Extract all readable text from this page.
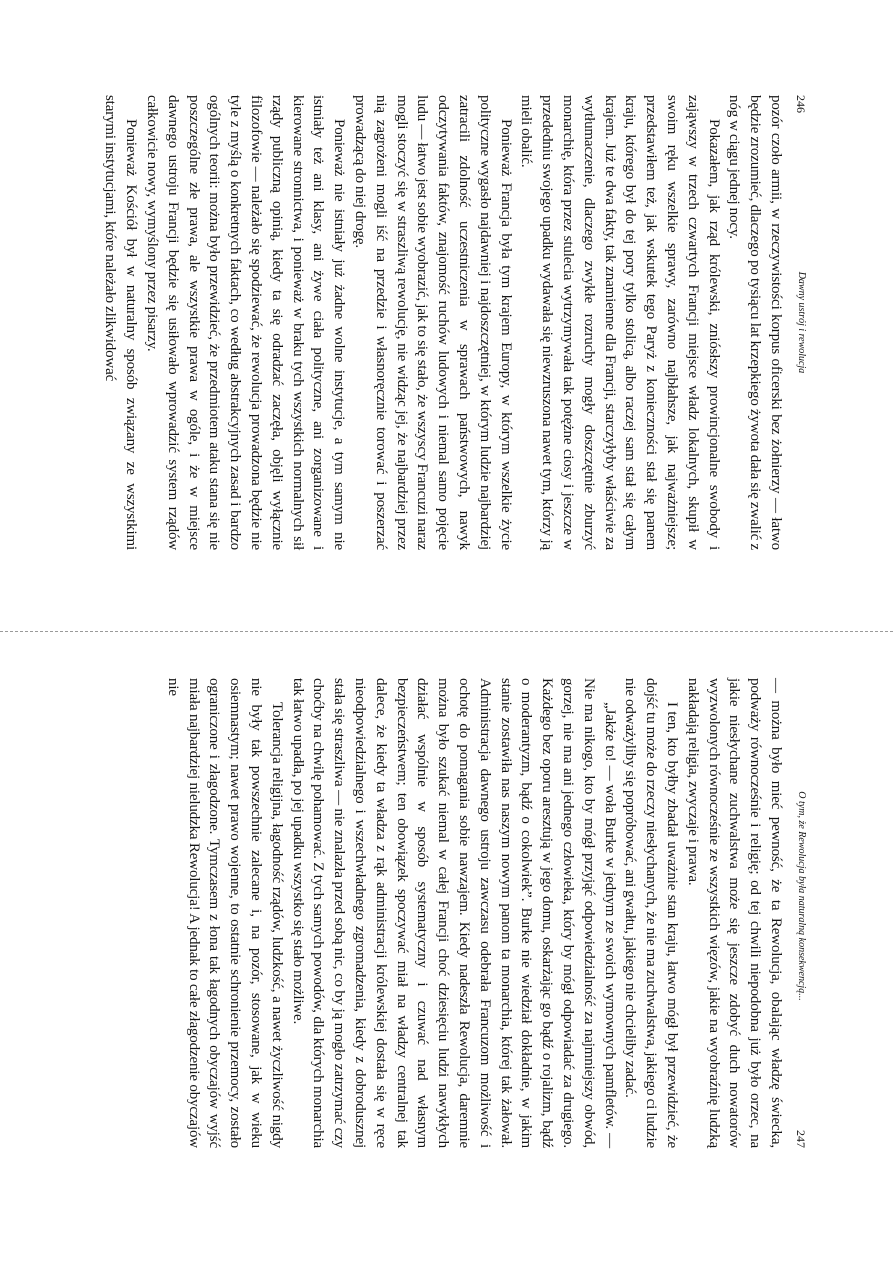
246
Dawny ustrój i rewolucja

pozór czoło armii, w rzeczywistości korpus oficerski bez żołnierzy — łatwo będzie zrozumieć, dlaczego po tysiącu lat krzepkiego żywota dała się zwalić z nóg w ciągu jednej nocy.

Pokazałem, jak rząd królewski, zniósłszy prowincjonalne swobody i zająwszy w trzech czwartych Francji miejsce władz lokalnych, skupił w swoim ręku wszelkie sprawy, zarówno najbłahsze, jak najważniejsze; przedstawiłem też, jak wskutek tego Paryż z konieczności stał się panem kraju, którego był do tej pory tylko stolicą, albo raczej sam stał się całym krajem. Już te dwa fakty, tak znamienne dla Francji, starczyłyby właściwie za wytłumaczenie, dlaczego zwykłe rozruchy mogły doszczętnie zburzyć monarchię, która przez stulecia wytrzymywała tak potężne ciosy i jeszcze w przededniu swojego upadku wydawała się niewzruszona nawet tym, którzy ją mieli obalić.

Ponieważ Francja była tym krajem Europy, w którym wszelkie życie polityczne wygasło najdawniej i najdoszczętniej, w którym ludzie najbardziej zatracili zdolność uczestniczenia w sprawach państwowych, nawyk odczytywania faktów, znajomość ruchów ludowych i niemal samo pojęcie ludu — łatwo jest sobie wyobrazić, jak to się stało, że wszyscy Francuzi naraz mogli stoczyć się w straszliwą rewolucję, nie widząc jej, że najbardziej przez nią zagrożeni mogli iść na przedzie i własnoręcznie torować i poszerzać prowadzącą do niej drogę.

Ponieważ nie istniały już żadne wolne instytucje, a tym samym nie istniały też ani klasy, ani żywe ciała polityczne, ani zorganizowane i kierowane stronnictwa, i ponieważ w braku tych wszystkich normalnych sił rządy publiczną opinią, kiedy ta się odradzać zaczęła, objęli wyłącznie filozofowie — należało się spodziewać, że rewolucja prowadzona będzie nie tyle z myślą o konkretnych faktach, co według abstrakcyjnych zasad i bardzo ogólnych teorii: można było przewidzieć, że przedmiotem ataku stana się nie poszczególne złe prawa, ale wszystkie prawa w ogóle, i że w miejsce dawnego ustroju Francji będzie się usiłowało wprowadzić system rządów całkowicie nowy, wymyślony przez pisarzy.

Ponieważ Kościół był w naturalny sposób związany ze wszystkimi starymi instytucjami, które należało zlikwidować

O tym, że Rewolucja była naturalną konsekwencją...
247

— można było mieć pewność, że ta Rewolucja, obalając władzę świecka, podważy równocześnie i religię; od tej chwili niepodobna już było orzec, na jakie niesłychane zuchwalstwa może się jeszcze zdobyć duch nowatorów wyzwolonych równocześnie ze wszystkich więzów, jakie na wyobraźnię ludzką nakładają religia, zwyczaje i prawa.

I ten, kto byłby zbadał uważnie stan kraju, łatwo mógł był przewidzieć, że dojść tu może do rzeczy niesłychanych, że nie ma zuchwalstwa, jakiego ci ludzie nie odważyliby się popróbować, ani gwałtu, jakiego nie chcieliby zadać.

„Jakże to! — woła Burke w jednym ze swoich wymownych pamfletów. — Nie ma nikogo, kto by mógł przyjąć odpowiedzialność za najmniejszy obwód, gorzej, nie ma ani jednego człowieka, który by mógł odpowiadać za drugiego. Każdego bez oporu aresztują w jego domu, oskarżając go bądź o rojalizm, bądź o moderantyzm, bądź o cokolwiek”. Burke nie wiedział dokładnie, w jakim stanie zostawiła nas naszym nowym panom ta monarchia, której tak żałował. Administracja dawnego ustroju zawczasu odebrała Francuzom możliwość i ochotę do pomagania sobie nawzajem. Kiedy nadeszła Rewolucja, daremnie można było szukać niemal w całej Francji choć dziesięciu ludzi nawykłych działać wspólnie w sposób systematyczny i czuwać nad własnym bezpieczeństwem; ten obowiązek spoczywać miał na władzy centralnej tak dalece, że kiedy ta władza z rąk administracji królewskiej dostała się w ręce nieodpowiedzialnego i wszechwładnego zgromadzenia, kiedy z dobrodusznej stała się straszliwa — nie znalazła przed sobą nic, co by ją mogło zatrzymać czy choćby na chwilę pohamować. Z tych samych powodów, dla których monarchia tak łatwo upadła, po jej upadku wszystko się stało możliwe.

Tolerancja religijna, łagodność rządów, ludzkość, a nawet życzliwość nigdy nie były tak powszechnie zalecane i, na pozór, stosowane, jak w wieku osiemnastym; nawet prawo wojenne, to ostatnie schronienie przemocy, zostało ograniczone i złagodzone. Tymczasem z łona tak łagodnych obyczajów wyjść miała najbardziej nieludzka Rewolucja! A jednak to całe złagodzenie obyczajów nie
